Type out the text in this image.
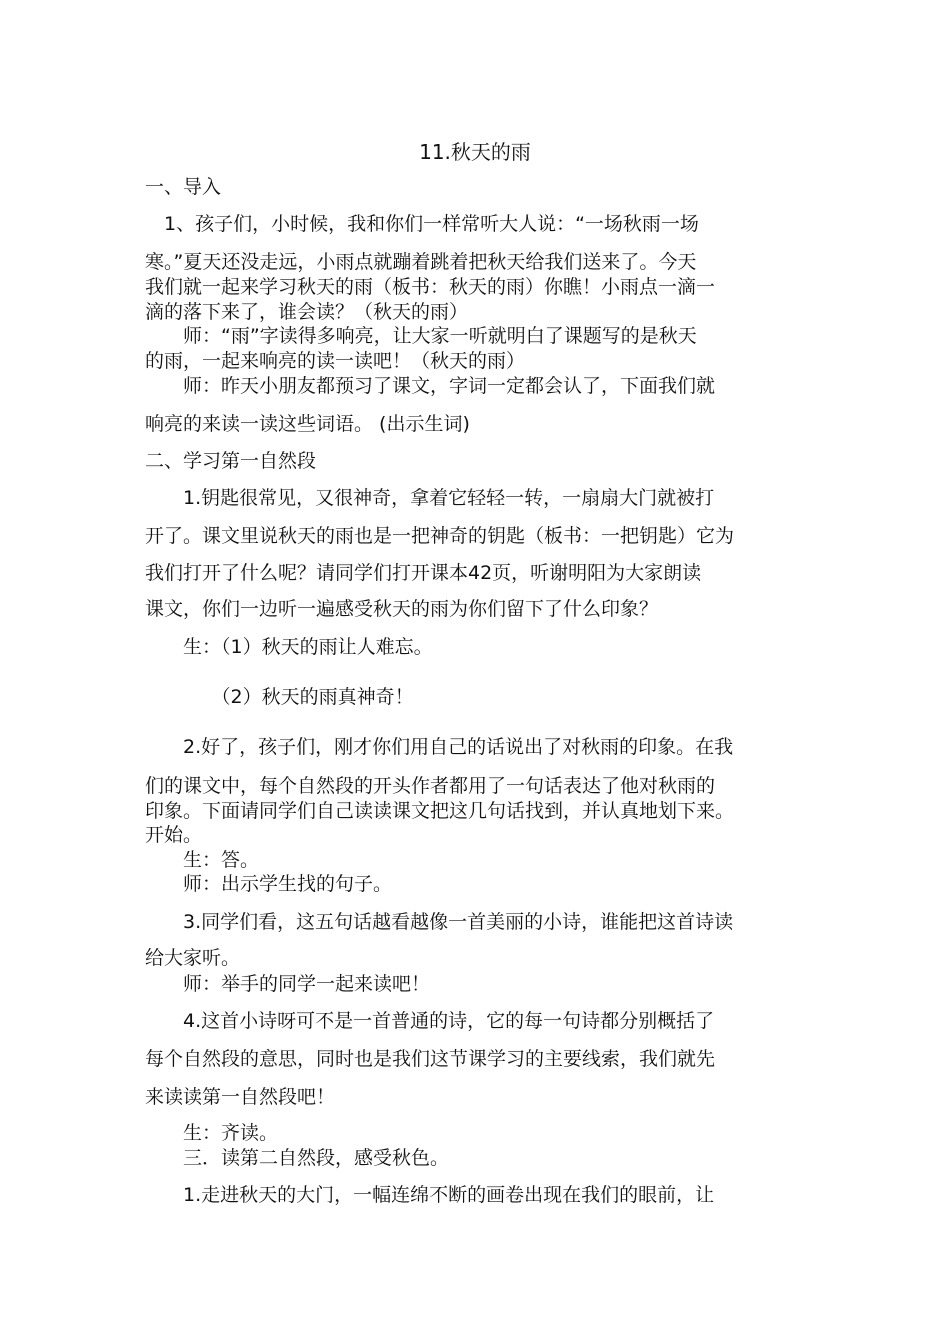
11.秋天的雨
一、导入
　1、孩子们，小时候，我和你们一样常听大人说：“一场秋雨一场
寒。”夏天还没走远，小雨点就蹦着跳着把秋天给我们送来了。今天
我们就一起来学习秋天的雨（板书：秋天的雨）你瞧！小雨点一滴一
滴的落下来了，谁会读？（秋天的雨）
　　师：“雨”字读得多响亮，让大家一听就明白了课题写的是秋天
的雨，一起来响亮的读一读吧！（秋天的雨）
　　师：昨天小朋友都预习了课文，字词一定都会认了，下面我们就
响亮的来读一读这些词语。 (出示生词)
二、学习第一自然段
　　1.钥匙很常见，又很神奇，拿着它轻轻一转，一扇扇大门就被打
开了。课文里说秋天的雨也是一把神奇的钥匙（板书：一把钥匙）它为
我们打开了什么呢？请同学们打开课本42页，听谢明阳为大家朗读
课文，你们一边听一遍感受秋天的雨为你们留下了什么印象？
　　生：（1）秋天的雨让人难忘。
　　　　（2）秋天的雨真神奇！
　　2.好了，孩子们，刚才你们用自己的话说出了对秋雨的印象。在我
们的课文中，每个自然段的开头作者都用了一句话表达了他对秋雨的
印象。下面请同学们自己读读课文把这几句话找到，并认真地划下来。
开始。
　　生：答。
　　师：出示学生找的句子。
　　3.同学们看，这五句话越看越像一首美丽的小诗，谁能把这首诗读
给大家听。
　　师：举手的同学一起来读吧！
　　4.这首小诗呀可不是一首普通的诗，它的每一句诗都分别概括了
每个自然段的意思，同时也是我们这节课学习的主要线索，我们就先
来读读第一自然段吧！
　　生：齐读。
　　三．读第二自然段，感受秋色。
　　1.走进秋天的大门，一幅连绵不断的画卷出现在我们的眼前，让
